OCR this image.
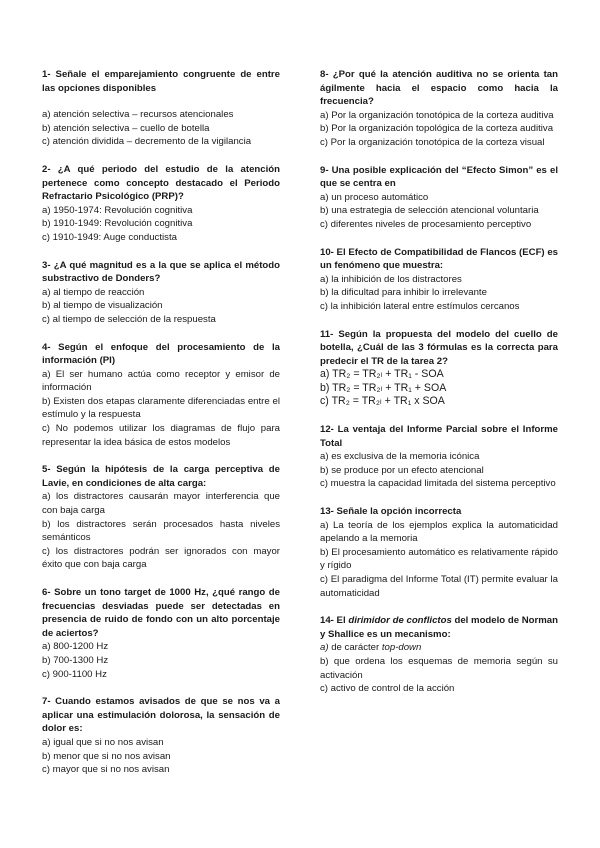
1- Señale el emparejamiento congruente de entre las opciones disponibles

a) atención selectiva – recursos atencionales

b) atención selectiva – cuello de botella

c) atención dividida – decremento de la vigilancia

2- ¿A qué periodo del estudio de la atención pertenece como concepto destacado el Periodo Refractario Psicológico (PRP)?

a) 1950-1974: Revolución cognitiva

b) 1910-1949: Revolución cognitiva

c) 1910-1949: Auge conductista

3- ¿A qué magnitud es a la que se aplica el método substractivo de Donders?

a) al tiempo de reacción

b) al tiempo de visualización

c) al tiempo de selección de la respuesta

4- Según el enfoque del procesamiento de la información (PI)

a) El ser humano actúa como receptor y emisor de información

b) Existen dos etapas claramente diferenciadas entre el estímulo y la respuesta

c) No podemos utilizar los diagramas de flujo para representar la idea básica de estos modelos

5- Según la hipótesis de la carga perceptiva de Lavie, en condiciones de alta carga:

a) los distractores causarán mayor interferencia que con baja carga

b) los distractores serán procesados hasta niveles semánticos

c) los distractores podrán ser ignorados con mayor éxito que con baja carga

6- Sobre un tono target de 1000 Hz, ¿qué rango de frecuencias desviadas puede ser detectadas en presencia de ruido de fondo con un alto porcentaje de aciertos?

a) 800-1200 Hz

b) 700-1300 Hz

c) 900-1100 Hz

7- Cuando estamos avisados de que se nos va a aplicar una estimulación dolorosa, la sensación de dolor es:

a) igual que si no nos avisan

b) menor que si no nos avisan

c) mayor que si no nos avisan

8- ¿Por qué la atención auditiva no se orienta tan ágilmente hacia el espacio como hacia la frecuencia?

a) Por la organización tonotópica de la corteza auditiva

b) Por la organización topológica de la corteza auditiva

c) Por la organización tonotópica de la corteza visual

9- Una posible explicación del “Efecto Simon” es el que se centra en

a) un proceso automático

b) una estrategia de selección atencional voluntaria

c) diferentes niveles de procesamiento perceptivo

10- El Efecto de Compatibilidad de Flancos (ECF) es un fenómeno que muestra:

a) la inhibición de los distractores

b) la dificultad para inhibir lo irrelevante

c) la inhibición lateral entre estímulos cercanos

11- Según la propuesta del modelo del cuello de botella, ¿Cuál de las 3 fórmulas es la correcta para predecir el TR de la tarea 2?

a) TR₂ = TR₂ₗ + TR₁ - SOA

b) TR₂ = TR₂ₗ + TR₁ + SOA

c) TR₂ = TR₂ₗ + TR₁ x SOA

12- La ventaja del Informe Parcial sobre el Informe Total

a) es exclusiva de la memoria icónica

b) se produce por un efecto atencional

c) muestra la capacidad limitada del sistema perceptivo

13- Señale la opción incorrecta

a) La teoría de los ejemplos explica la automaticidad apelando a la memoria

b) El procesamiento automático es relativamente rápido y rígido

c) El paradigma del Informe Total (IT) permite evaluar la automaticidad

14- El dirimidor de conflictos del modelo de Norman y Shallice es un mecanismo:

a) de carácter top-down

b) que ordena los esquemas de memoria según su activación

c) activo de control de la acción
